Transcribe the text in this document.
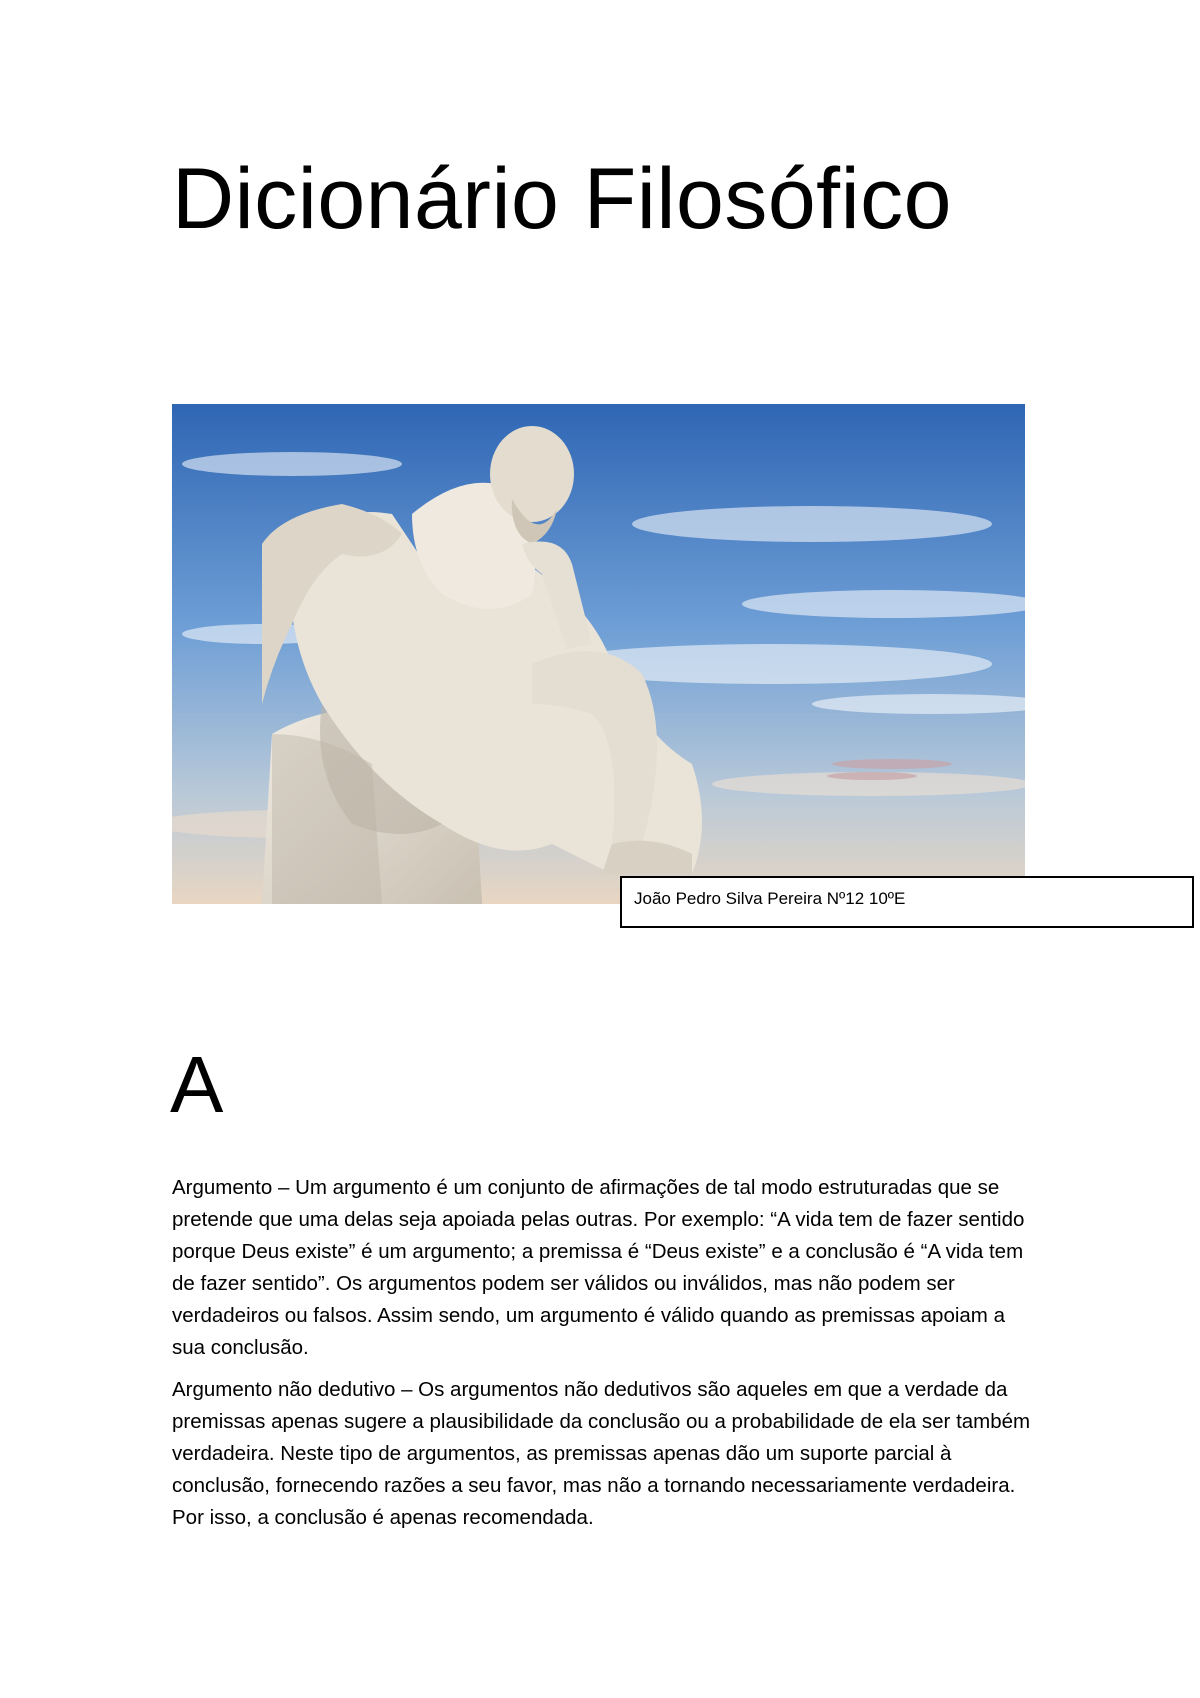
Dicionário Filosófico
João Pedro Silva Pereira Nº12 10ºE
A

Argumento – Um argumento é um conjunto de afirmações de tal modo estruturadas que se pretende que uma delas seja apoiada pelas outras. Por exemplo: “A vida tem de fazer sentido porque Deus existe” é um argumento; a premissa é “Deus existe” e a conclusão é “A vida tem de fazer sentido”. Os argumentos podem ser válidos ou inválidos, mas não podem ser verdadeiros ou falsos. Assim sendo, um argumento é válido quando as premissas apoiam a sua conclusão.

Argumento não dedutivo – Os argumentos não dedutivos são aqueles em que a verdade da premissas apenas sugere a plausibilidade da conclusão ou a probabilidade de ela ser também verdadeira. Neste tipo de argumentos, as premissas apenas dão um suporte parcial à conclusão, fornecendo razões a seu favor, mas não a tornando necessariamente verdadeira. Por isso, a conclusão é apenas recomendada.
